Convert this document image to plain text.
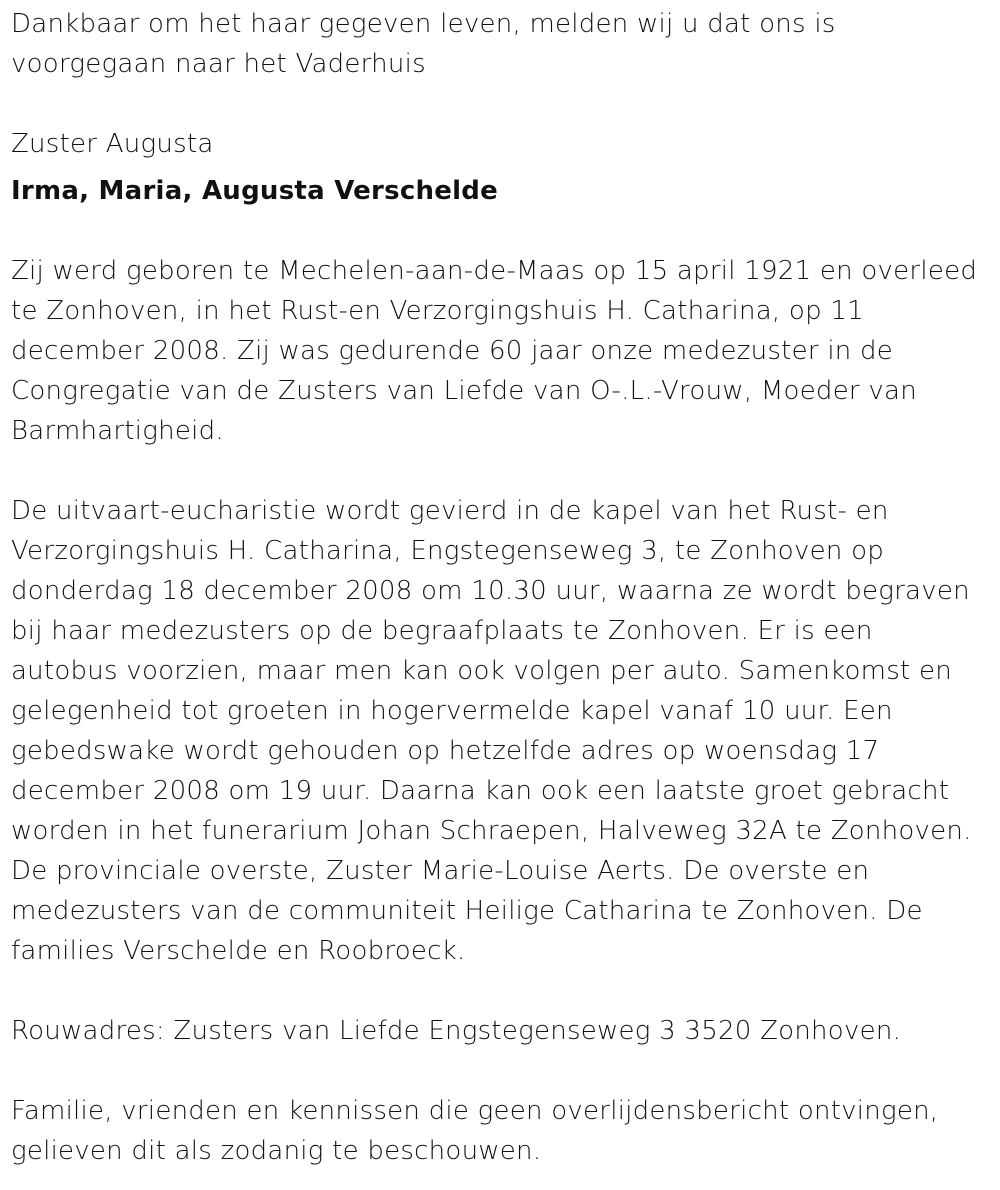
Dankbaar om het haar gegeven leven, melden wij u dat ons is voorgegaan naar het Vaderhuis

Zuster Augusta

Irma, Maria, Augusta Verschelde

Zij werd geboren te Mechelen-aan-de-Maas op 15 april 1921 en overleed te Zonhoven, in het Rust-en Verzorgingshuis H. Catharina, op 11 december 2008. Zij was gedurende 60 jaar onze medezuster in de Congregatie van de Zusters van Liefde van O-.L.-Vrouw, Moeder van Barmhartigheid.

De uitvaart-eucharistie wordt gevierd in de kapel van het Rust- en Verzorgingshuis H. Catharina, Engstegenseweg 3, te Zonhoven op donderdag 18 december 2008 om 10.30 uur, waarna ze wordt begraven bij haar medezusters op de begraafplaats te Zonhoven. Er is een autobus voorzien, maar men kan ook volgen per auto. Samenkomst en gelegenheid tot groeten in hogervermelde kapel vanaf 10 uur. Een gebedswake wordt gehouden op hetzelfde adres op woensdag 17 december 2008 om 19 uur. Daarna kan ook een laatste groet gebracht worden in het funerarium Johan Schraepen, Halveweg 32A te Zonhoven. De provinciale overste, Zuster Marie-Louise Aerts. De overste en medezusters van de communiteit Heilige Catharina te Zonhoven. De families Verschelde en Roobroeck.

Rouwadres: Zusters van Liefde Engstegenseweg 3 3520 Zonhoven.

Familie, vrienden en kennissen die geen overlijdensbericht ontvingen, gelieven dit als zodanig te beschouwen.
